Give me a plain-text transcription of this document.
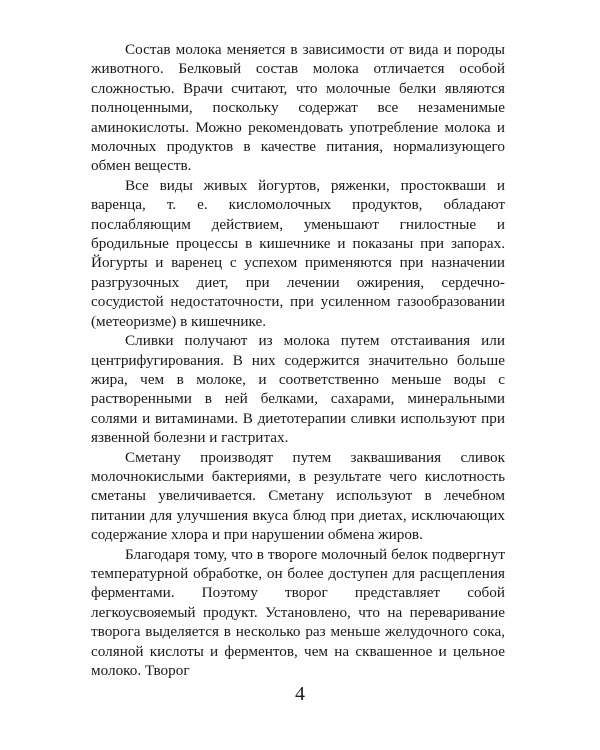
Состав молока меняется в зависимости от вида и породы животного. Белковый состав молока отличается особой сложностью. Врачи считают, что молочные белки являются полноценными, поскольку содержат все незаменимые аминокислоты. Можно рекомендовать употребление молока и молочных продуктов в качестве питания, нормализующего обмен веществ.

Все виды живых йогуртов, ряженки, простокваши и варенца, т. е. кисломолочных продуктов, обладают послабляющим действием, уменьшают гнилостные и бродильные процессы в кишечнике и показаны при запорах. Йогурты и варенец с успехом применяются при назначении разгрузочных диет, при лечении ожирения, сердечно-сосудистой недостаточности, при усиленном газообразовании (метеоризме) в кишечнике.

Сливки получают из молока путем отстаивания или центрифугирования. В них содержится значительно больше жира, чем в молоке, и соответственно меньше воды с растворенными в ней белками, сахарами, минеральными солями и витаминами. В диетотерапии сливки используют при язвенной болезни и гастритах.

Сметану производят путем заквашивания сливок молочнокислыми бактериями, в результате чего кислотность сметаны увеличивается. Сметану используют в лечебном питании для улучшения вкуса блюд при диетах, исключающих содержание хлора и при нарушении обмена жиров.

Благодаря тому, что в твороге молочный белок подвергнут температурной обработке, он более доступен для расщепления ферментами. Поэтому творог представляет собой легкоусвояемый продукт. Установлено, что на переваривание творога выделяется в несколько раз меньше желудочного сока, соляной кислоты и ферментов, чем на сквашенное и цельное молоко. Творог

4
